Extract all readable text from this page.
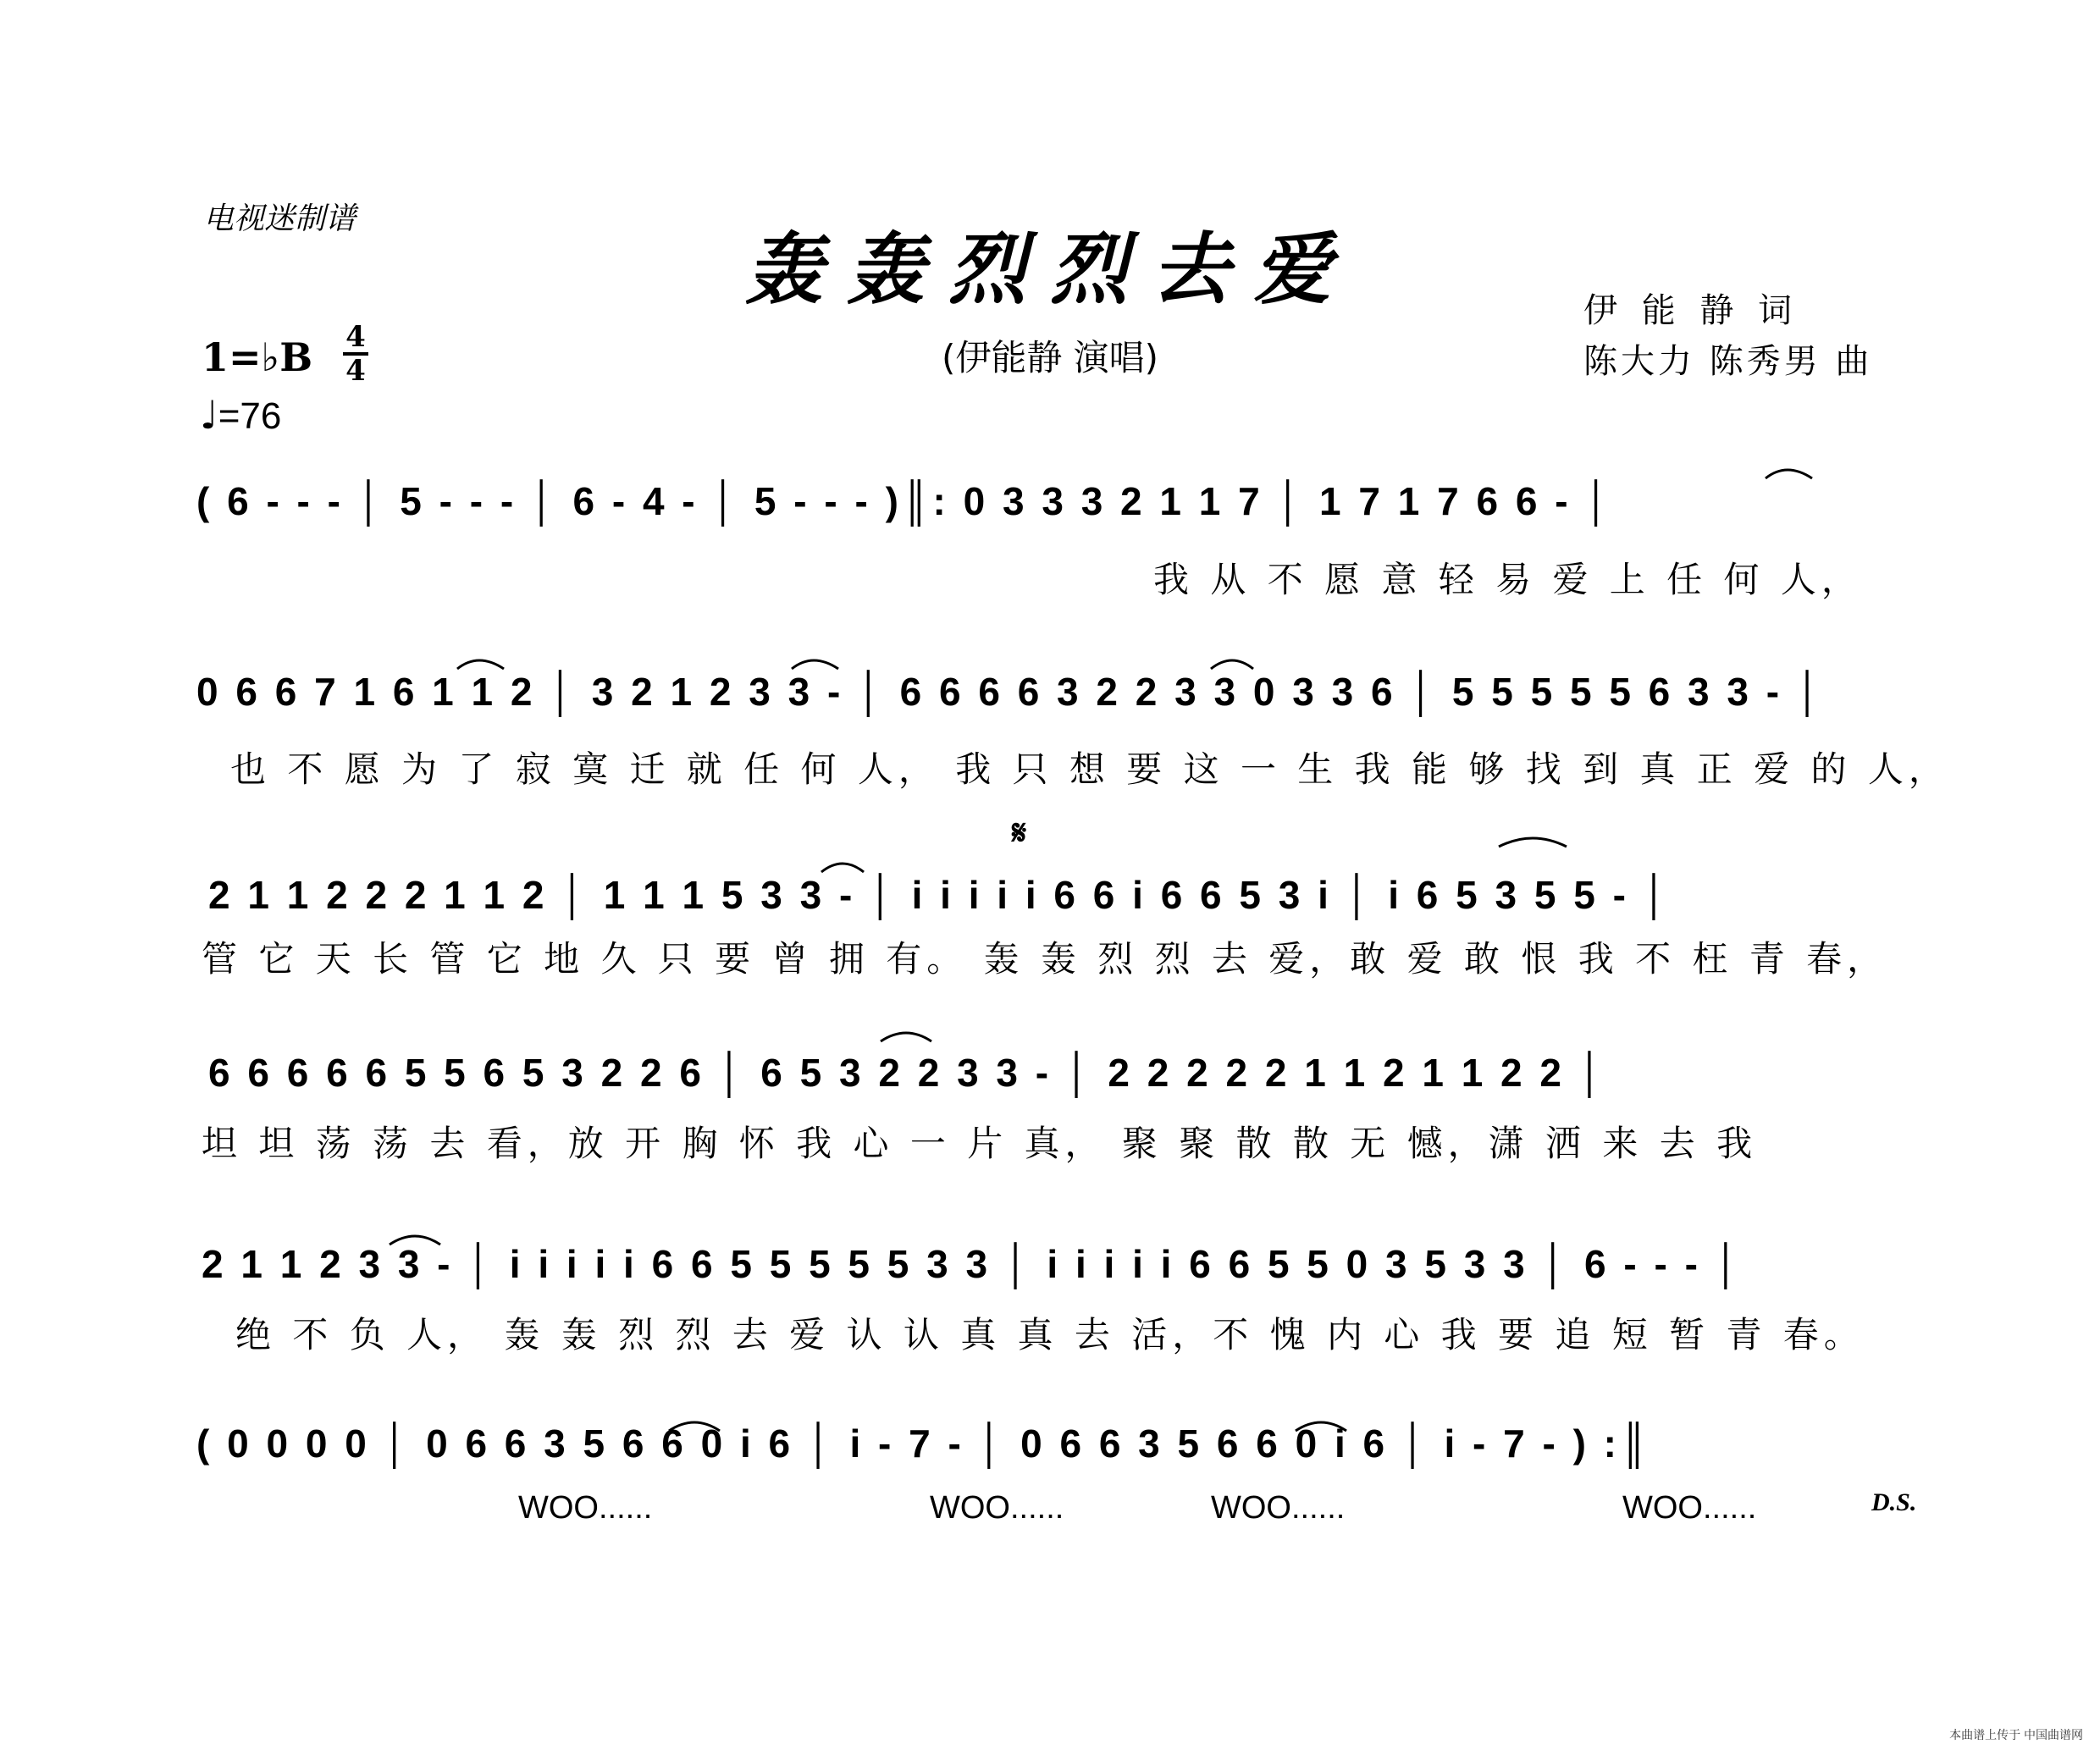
电视迷制谱
轰轰烈烈去爱
(伊能静 演唱)
伊 能 静 词
陈大力 陈秀男 曲
1=♭B 4
4
♩=76
( 6 - - - │ 5 - - - │ 6 - 4 - │ 5 - - - )║: 0 3 3 3 2 1 1 7 │ 1 7 1 7 6 6 - │
我 从 不 愿 意 轻 易 爱 上 任 何 人，
0 6 6 7 1 6 1 1 2 │ 3 2 1 2 3 3 - │ 6 6 6 6 3 2 2 3 3 0 3 3 6 │ 5 5 5 5 5 6 3 3 - │
也 不 愿 为 了 寂 寞 迁 就 任 何 人， 我 只 想 要 这 一 生 我 能 够 找 到 真 正 爱 的 人，
𝄋
2 1 1 2 2 2 1 1 2 │ 1 1 1 5 3 3 - │ i i i i i 6 6 i 6 6 5 3 i │ i 6 5 3 5 5 - │
管 它 天 长 管 它 地 久 只 要 曾 拥 有。 轰 轰 烈 烈 去 爱，敢 爱 敢 恨 我 不 枉 青 春，
6 6 6 6 6 5 5 6 5 3 2 2 6 │ 6 5 3 2 2 3 3 - │ 2 2 2 2 2 1 1 2 1 1 2 2 │
坦 坦 荡 荡 去 看，放 开 胸 怀 我 心 一 片 真， 聚 聚 散 散 无 憾，潇 洒 来 去 我
2 1 1 2 3 3 - │ i i i i i 6 6 5 5 5 5 5 3 3 │ i i i i i 6 6 5 5 0 3 5 3 3 │ 6 - - - │
绝 不 负 人， 轰 轰 烈 烈 去 爱 认 认 真 真 去 活，不 愧 内 心 我 要 追 短 暂 青 春。
( 0 0 0 0 │ 0 6 6 3 5 6 6 0 i 6 │ i - 7 - │ 0 6 6 3 5 6 6 0 i 6 │ i - 7 - ) :║
WOO......	WOO......	WOO......	WOO......	D.S.
本曲谱上传于 中国曲谱网
